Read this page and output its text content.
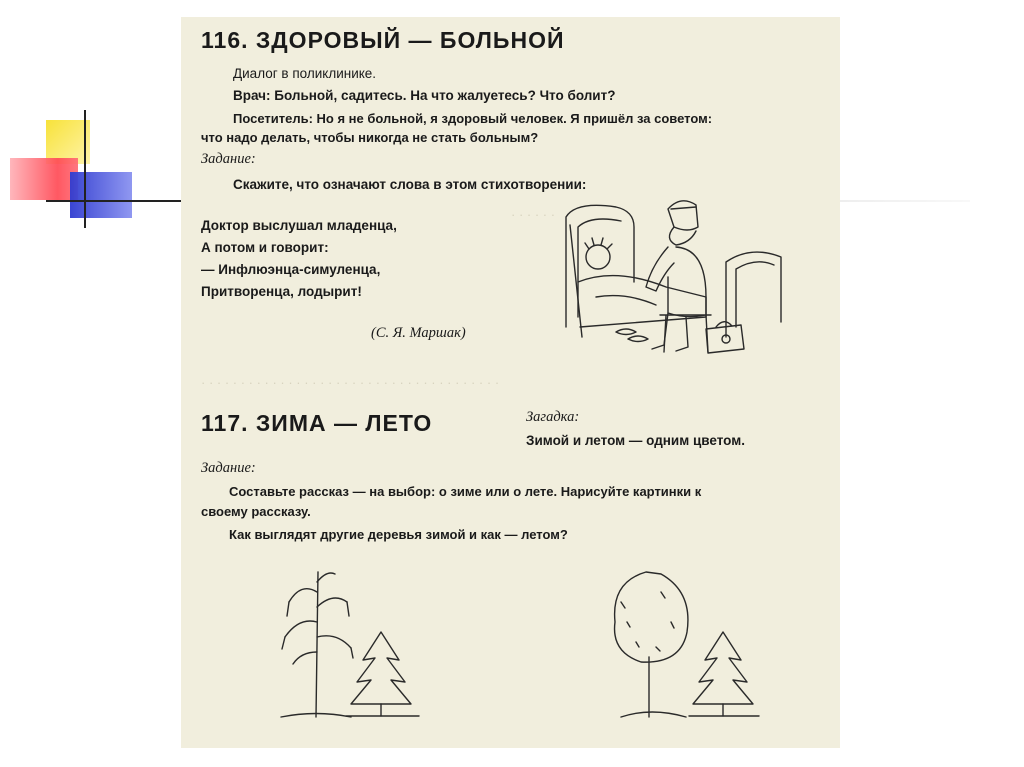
116. ЗДОРОВЫЙ — БОЛЬНОЙ
Диалог в поликлинике.
Врач: Больной, садитесь. На что жалуетесь? Что болит?
Посетитель: Но я не больной, я здоровый человек. Я пришёл за советом:
что надо делать, чтобы никогда не стать больным?
Задание:
Скажите, что означают слова в этом стихотворении:
Доктор выслушал младенца,
А потом и говорит:
— Инфлюэнца-симуленца,
Притворенца, лодырит!
(С. Я. Маршак)
· · · · · ·
· · · · · · · · · · · · · · · · · · · · · · · · · · · · · · · · · · · · · ·
117. ЗИМА — ЛЕТО	Загадка:
Зимой и летом — одним цветом.
Задание:
Составьте рассказ — на выбор: о зиме или о лете. Нарисуйте картинки к
своему рассказу.
Как выглядят другие деревья зимой и как — летом?
